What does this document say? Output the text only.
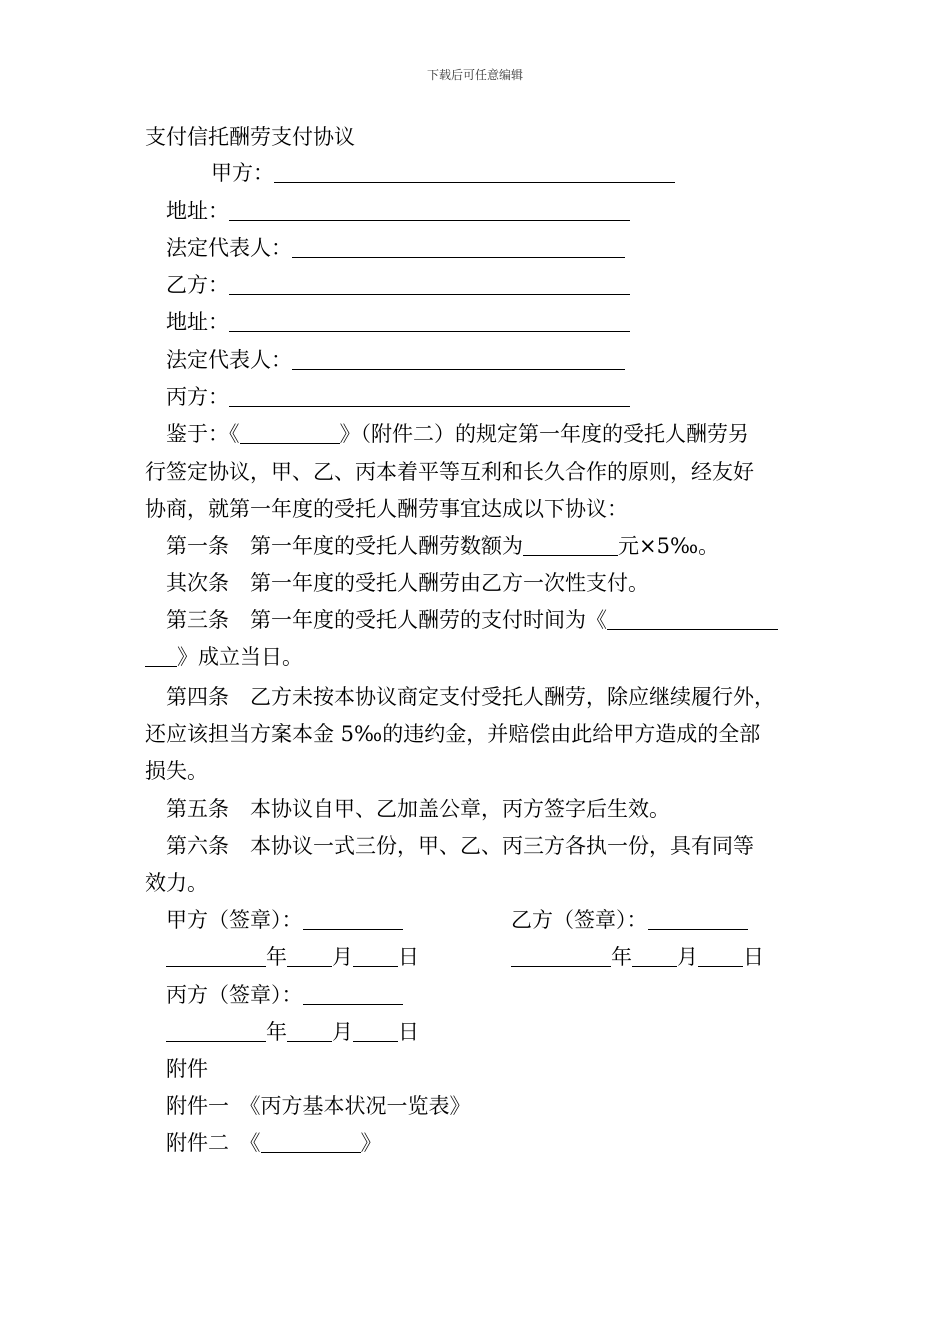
下载后可任意编辑
支付信托酬劳支付协议
甲方：
地址：
法定代表人：
乙方：
地址：
法定代表人：
丙方：
鉴于：《	》（附件二）的规定第一年度的受托人酬劳另
行签定协议，甲、乙、丙本着平等互利和长久合作的原则，经友好
协商，就第一年度的受托人酬劳事宜达成以下协议：
第一条　第一年度的受托人酬劳数额为	元×5‰。
其次条　第一年度的受托人酬劳由乙方一次性支付。
第三条　第一年度的受托人酬劳的支付时间为《
》成立当日。
第四条　乙方未按本协议商定支付受托人酬劳，除应继续履行外，
还应该担当方案本金 5‰的违约金，并赔偿由此给甲方造成的全部
损失。
第五条　本协议自甲、乙加盖公章，丙方签字后生效。
第六条　本协议一式三份，甲、乙、丙三方各执一份，具有同等
效力。
甲方（签章）：	乙方（签章）：
年 月 日	年 月 日
丙方（签章）：
年 月 日
附件
附件一　《丙方基本状况一览表》
附件二　《	》
